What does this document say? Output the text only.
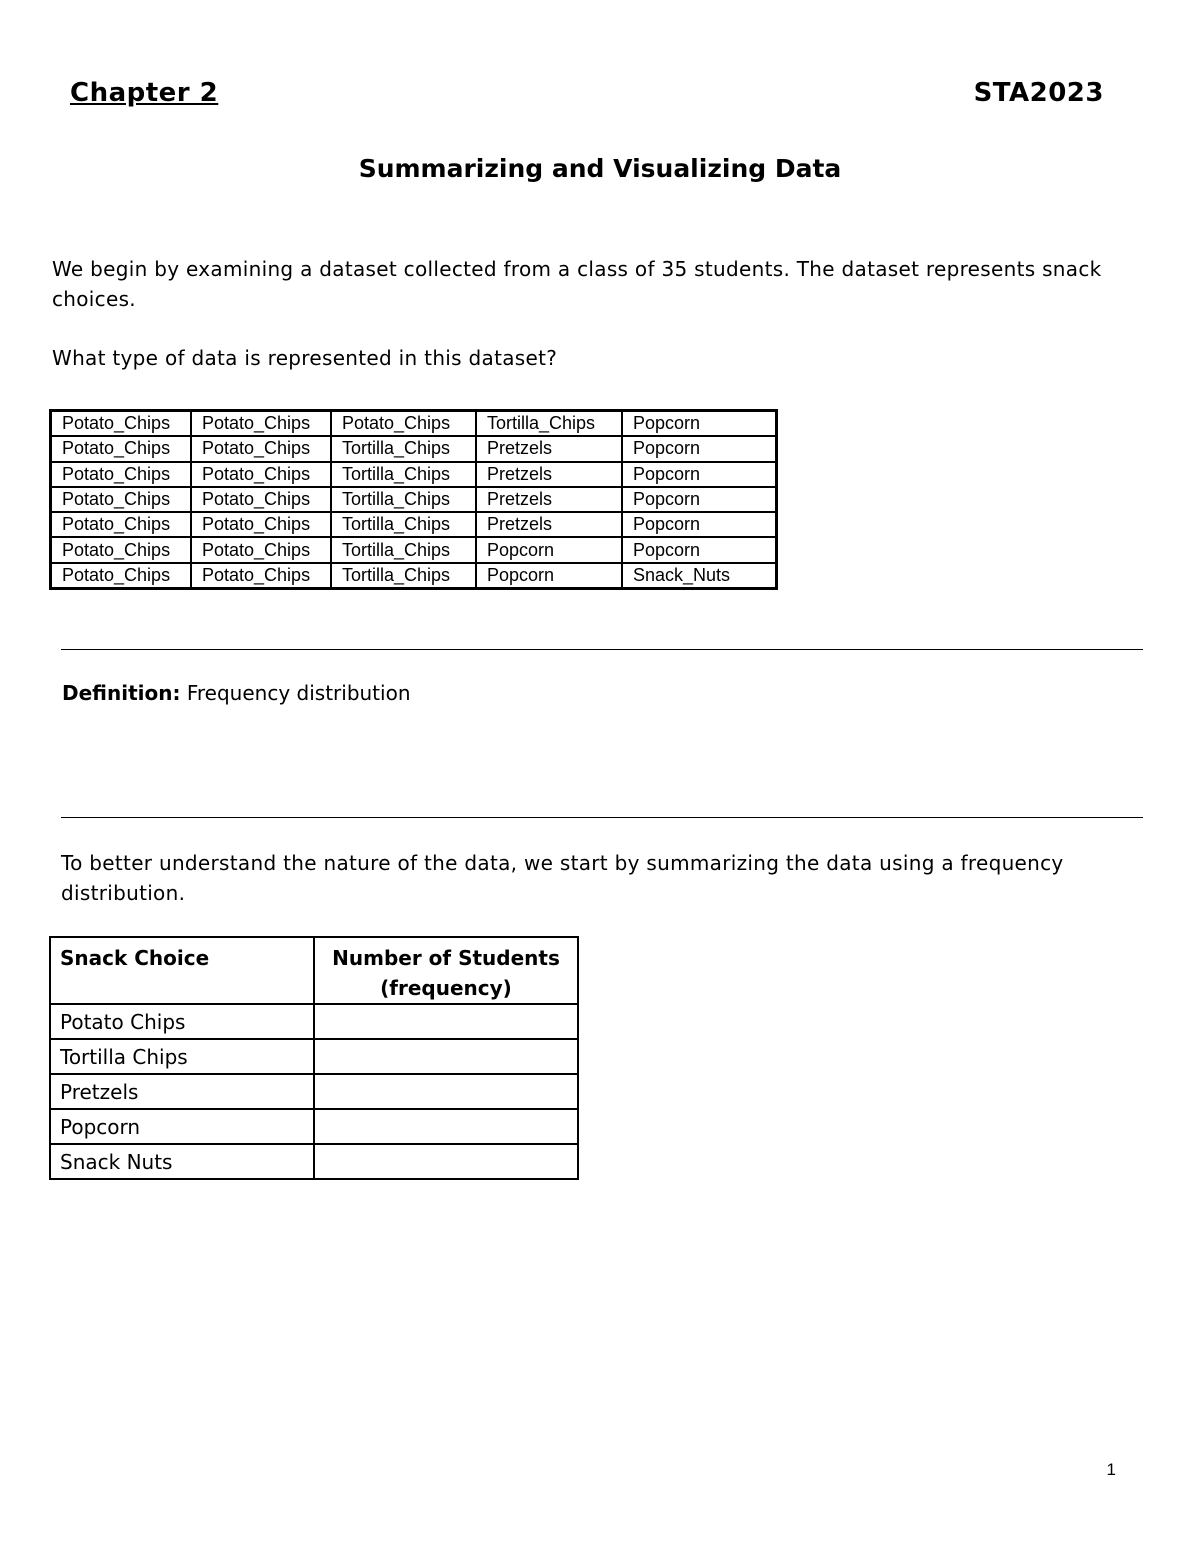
Chapter 2	STA2023
Summarizing and Visualizing Data
We begin by examining a dataset collected from a class of 35 students. The dataset represents snack choices.
What type of data is represented in this dataset?
Potato_Chips	Potato_Chips	Potato_Chips	Tortilla_Chips	Popcorn
Potato_Chips	Potato_Chips	Tortilla_Chips	Pretzels	Popcorn
Potato_Chips	Potato_Chips	Tortilla_Chips	Pretzels	Popcorn
Potato_Chips	Potato_Chips	Tortilla_Chips	Pretzels	Popcorn
Potato_Chips	Potato_Chips	Tortilla_Chips	Pretzels	Popcorn
Potato_Chips	Potato_Chips	Tortilla_Chips	Popcorn	Popcorn
Potato_Chips	Potato_Chips	Tortilla_Chips	Popcorn	Snack_Nuts
Definition: Frequency distribution
To better understand the nature of the data, we start by summarizing the data using a frequency distribution.
Snack Choice	Number of Students (frequency)
Potato Chips	
Tortilla Chips	
Pretzels	
Popcorn	
Snack Nuts	
1
